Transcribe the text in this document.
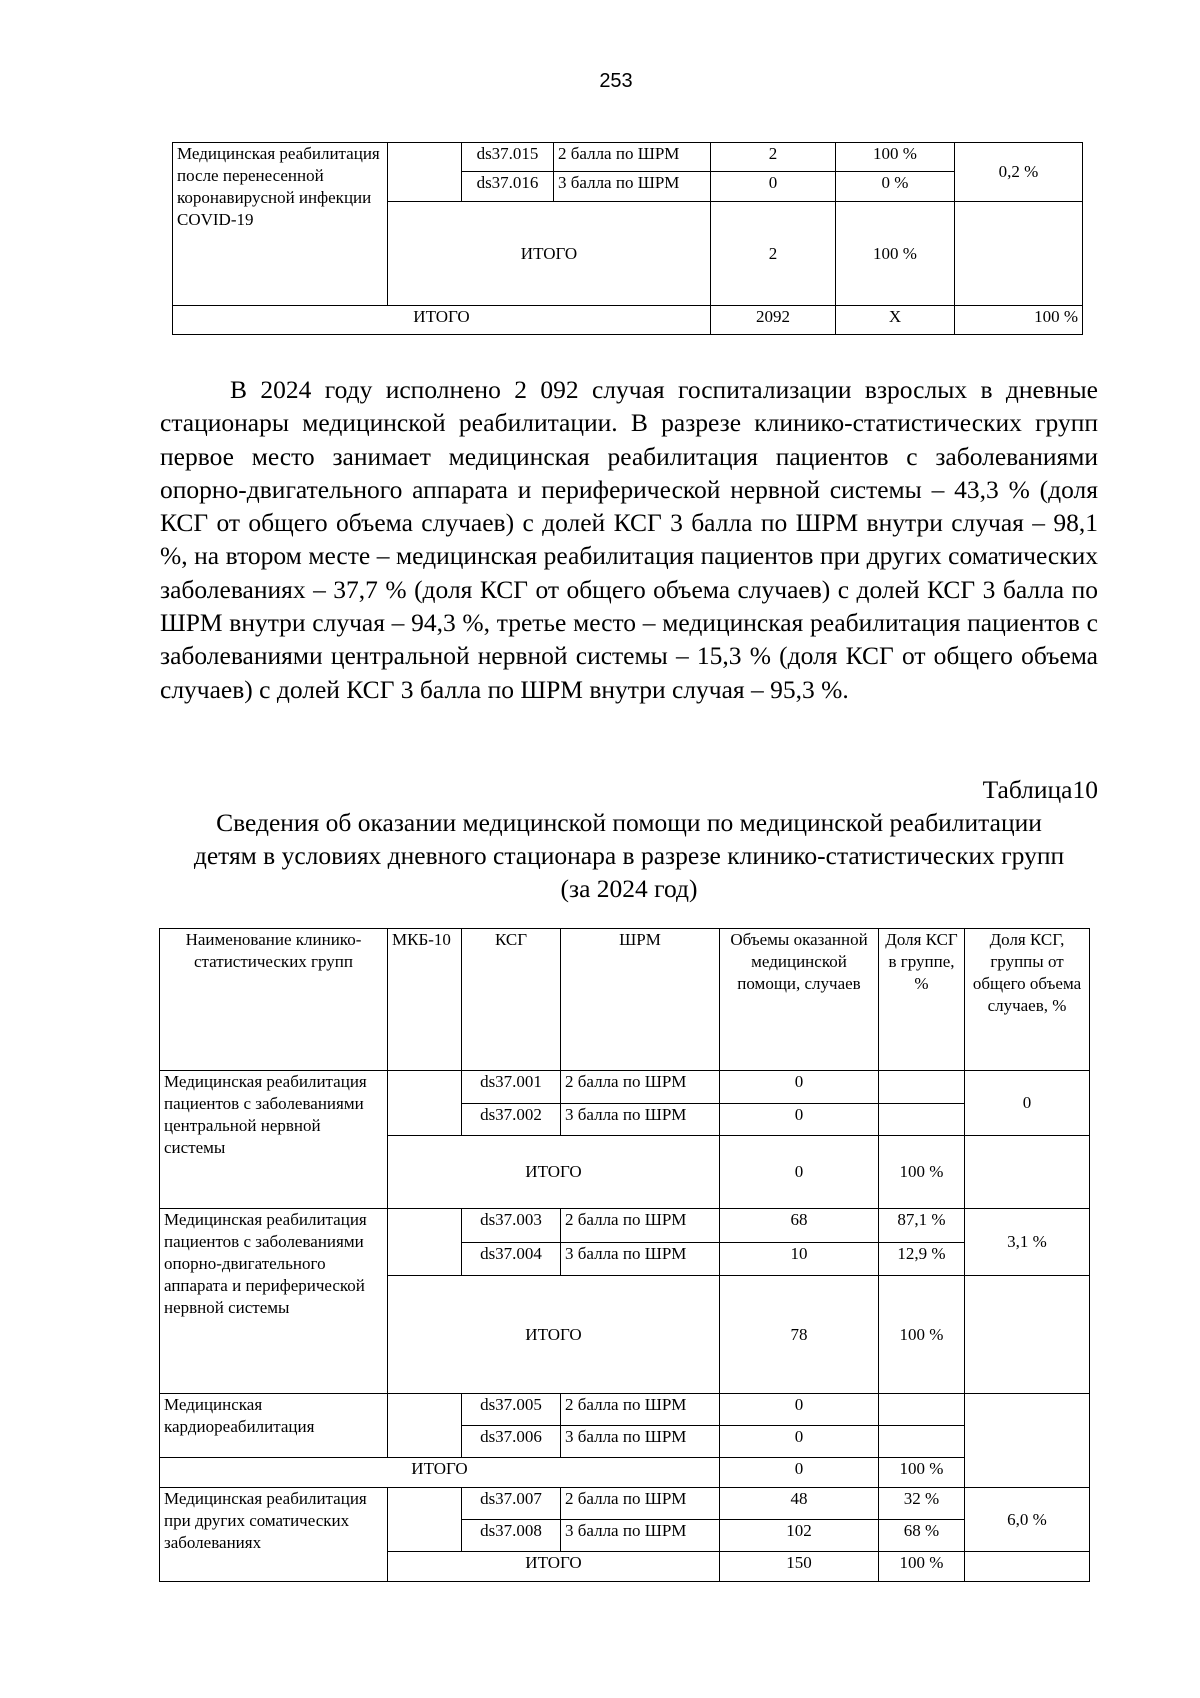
253
Медицинская реабилитация после перенесенной коронавирусной инфекции COVID-19		ds37.015	2 балла по ШРМ	2	100 %	0,2 %
		ds37.016	3 балла по ШРМ	0	0 %	
	ИТОГО			2	100 %	
ИТОГО				2092	Х	100 %

В 2024 году исполнено 2 092 случая госпитализации взрослых в дневные стационары медицинской реабилитации. В разрезе клинико-статистических групп первое место занимает медицинская реабилитация пациентов с заболеваниями опорно-двигательного аппарата и периферической нервной системы – 43,3 % (доля КСГ от общего объема случаев) с долей КСГ 3 балла по ШРМ внутри случая – 98,1 %, на втором месте – медицинская реабилитация пациентов при других соматических заболеваниях – 37,7 % (доля КСГ от общего объема случаев) с долей КСГ 3 балла по ШРМ внутри случая – 94,3 %, третье место – медицинская реабилитация пациентов с заболеваниями центральной нервной системы – 15,3 % (доля КСГ от общего объема случаев) с долей КСГ 3 балла по ШРМ внутри случая – 95,3 %.

Таблица10
Сведения об оказании медицинской помощи по медицинской реабилитации детям в условиях дневного стационара в разрезе клинико-статистических групп (за 2024 год)
Наименование клинико-статистических групп	МКБ-10	КСГ	ШРМ	Объемы оказанной медицинской помощи, случаев	Доля КСГ в группе, %	Доля КСГ, группы от общего объема случаев, %
Медицинская реабилитация пациентов с заболеваниями центральной нервной системы		ds37.001	2 балла по ШРМ	0		0
		ds37.002	3 балла по ШРМ	0		
	ИТОГО			0	100 %	
Медицинская реабилитация пациентов с заболеваниями опорно-двигательного аппарата и периферической нервной системы		ds37.003	2 балла по ШРМ	68	87,1 %	3,1 %
		ds37.004	3 балла по ШРМ	10	12,9 %	
	ИТОГО			78	100 %	
Медицинская кардиореабилитация		ds37.005	2 балла по ШРМ	0		
		ds37.006	3 балла по ШРМ	0		
ИТОГО				0	100 %	
Медицинская реабилитация при других соматических заболеваниях		ds37.007	2 балла по ШРМ	48	32 %	6,0 %
		ds37.008	3 балла по ШРМ	102	68 %	
	ИТОГО			150	100 %	
